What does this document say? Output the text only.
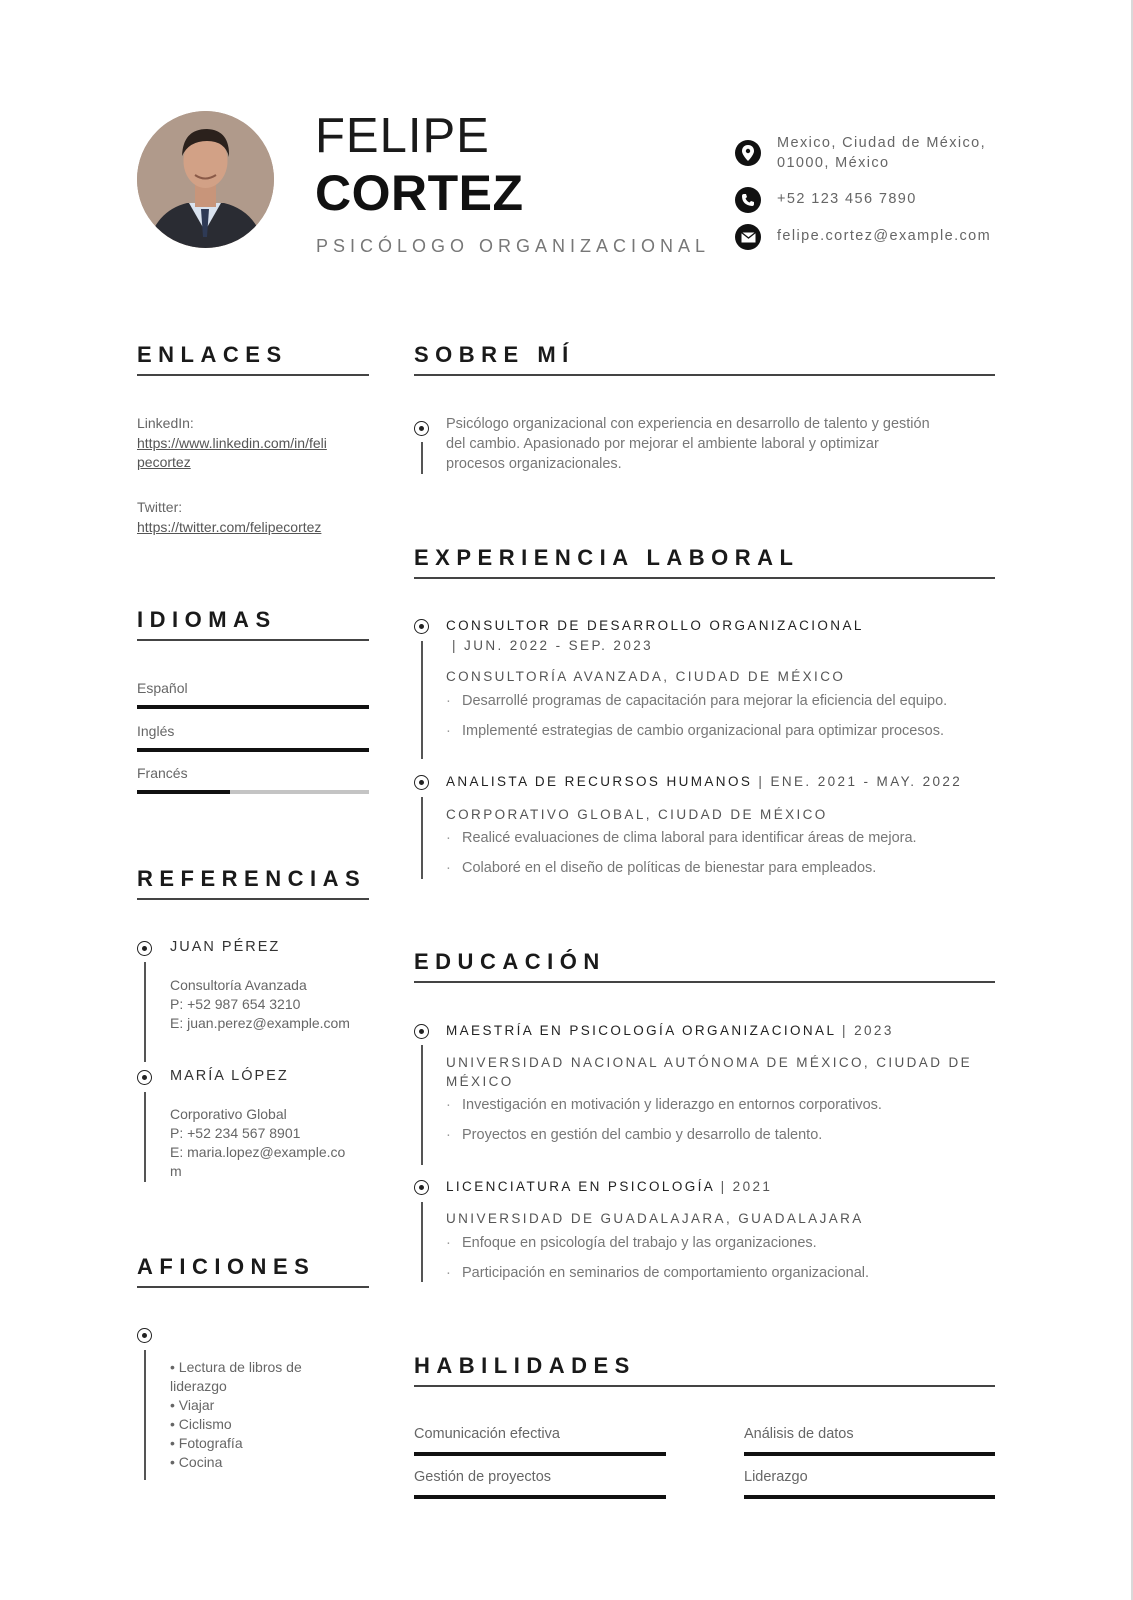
FELIPE
CORTEZ
PSICÓLOGO ORGANIZACIONAL
Mexico, Ciudad de México,
01000, México
+52 123 456 7890
felipe.cortez@example.com
ENLACES
LinkedIn:
https://www.linkedin.com/in/feli
pecortez
Twitter:
https://twitter.com/felipecortez
IDIOMAS
Español
Inglés
Francés
REFERENCIAS
JUAN PÉREZ
Consultoría Avanzada
P: +52 987 654 3210
E: juan.perez@example.com
MARÍA LÓPEZ
Corporativo Global
P: +52 234 567 8901
E: maria.lopez@example.co
m
AFICIONES
• Lectura de libros de
liderazgo
• Viajar
• Ciclismo
• Fotografía
• Cocina
SOBRE MÍ
Psicólogo organizacional con experiencia en desarrollo de talento y gestión
del cambio. Apasionado por mejorar el ambiente laboral y optimizar
procesos organizacionales.
EXPERIENCIA LABORAL
CONSULTOR DE DESARROLLO ORGANIZACIONAL
| JUN. 2022 - SEP. 2023
CONSULTORÍA AVANZADA, CIUDAD DE MÉXICO
· Desarrollé programas de capacitación para mejorar la eficiencia del equipo.
· Implementé estrategias de cambio organizacional para optimizar procesos.
ANALISTA DE RECURSOS HUMANOS | ENE. 2021 - MAY. 2022
CORPORATIVO GLOBAL, CIUDAD DE MÉXICO
· Realicé evaluaciones de clima laboral para identificar áreas de mejora.
· Colaboré en el diseño de políticas de bienestar para empleados.
EDUCACIÓN
MAESTRÍA EN PSICOLOGÍA ORGANIZACIONAL | 2023
UNIVERSIDAD NACIONAL AUTÓNOMA DE MÉXICO, CIUDAD DE
MÉXICO
· Investigación en motivación y liderazgo en entornos corporativos.
· Proyectos en gestión del cambio y desarrollo de talento.
LICENCIATURA EN PSICOLOGÍA | 2021
UNIVERSIDAD DE GUADALAJARA, GUADALAJARA
· Enfoque en psicología del trabajo y las organizaciones.
· Participación en seminarios de comportamiento organizacional.
HABILIDADES
Comunicación efectiva	Análisis de datos
Gestión de proyectos	Liderazgo
